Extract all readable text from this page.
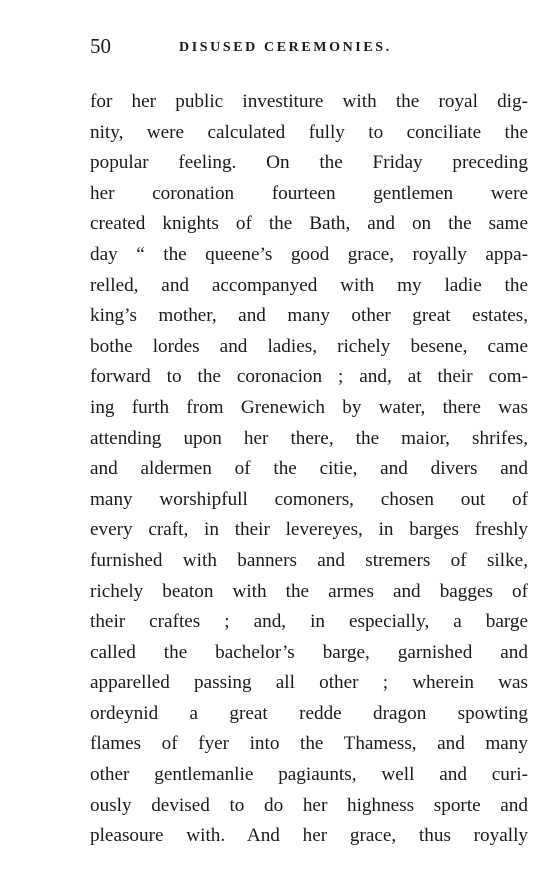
50	DISUSED CEREMONIES.
for her public investiture with the royal dig-
nity, were calculated fully to conciliate the
popular feeling. On the Friday preceding
her coronation fourteen gentlemen were
created knights of the Bath, and on the same
day “ the queene’s good grace, royally appa-
relled, and accompanyed with my ladie the
king’s mother, and many other great estates,
bothe lordes and ladies, richely besene, came
forward to the coronacion ; and, at their com-
ing furth from Grenewich by water, there was
attending upon her there, the maior, shrifes,
and aldermen of the citie, and divers and
many worshipfull comoners, chosen out of
every craft, in their levereyes, in barges freshly
furnished with banners and stremers of silke,
richely beaton with the armes and bagges of
their craftes ; and, in especially, a barge
called the bachelor’s barge, garnished and
apparelled passing all other ; wherein was
ordeynid a great redde dragon spowting
flames of fyer into the Thamess, and many
other gentlemanlie pagiaunts, well and curi-
ously devised to do her highness sporte and
pleasoure with. And her grace, thus royally
